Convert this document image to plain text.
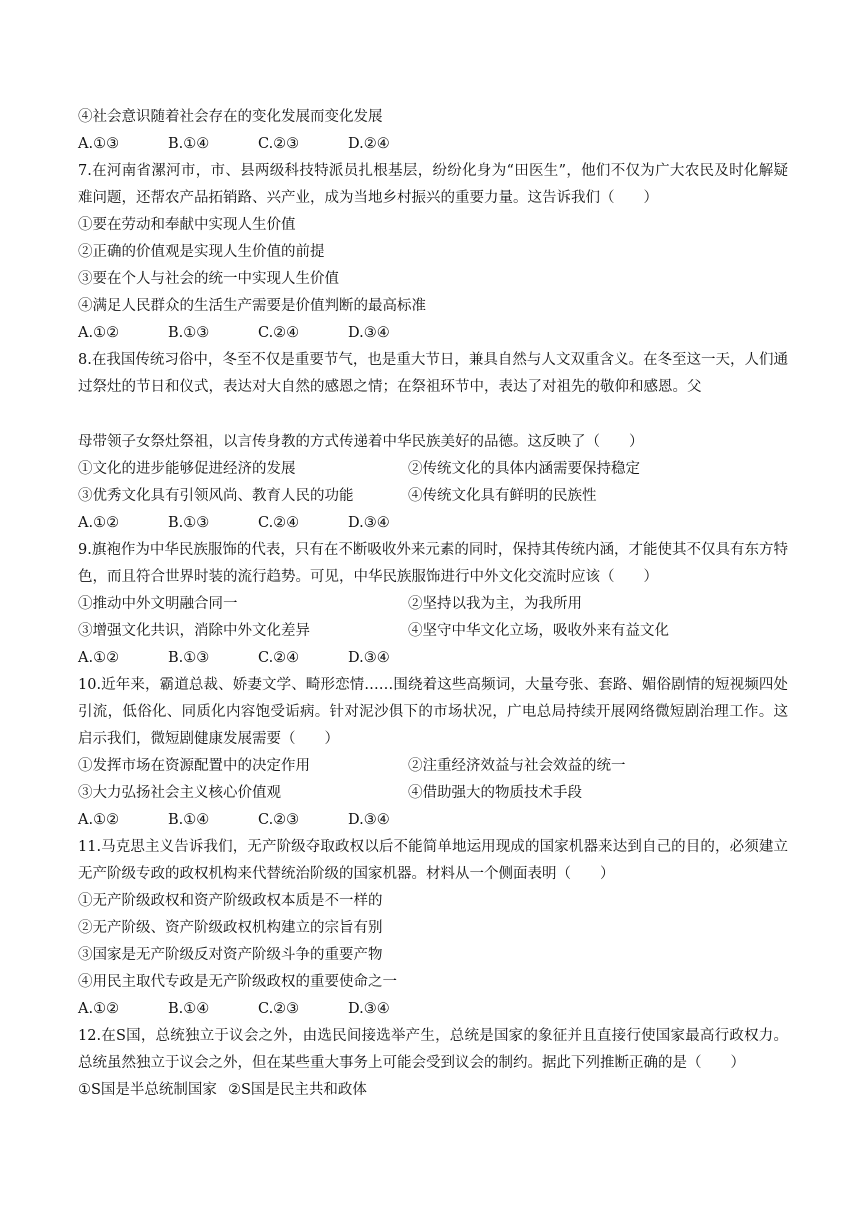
④社会意识随着社会存在的变化发展而变化发展
A.①③	B.①④	C.②③	D.②④
7.在河南省漯河市，市、县两级科技特派员扎根基层，纷纷化身为“田医生”，他们不仅为广大农民及时化解疑难问题，还帮农产品拓销路、兴产业，成为当地乡村振兴的重要力量。这告诉我们（　　）
①要在劳动和奉献中实现人生价值
②正确的价值观是实现人生价值的前提
③要在个人与社会的统一中实现人生价值
④满足人民群众的生活生产需要是价值判断的最高标准
A.①②	B.①③	C.②④	D.③④
8.在我国传统习俗中，冬至不仅是重要节气，也是重大节日，兼具自然与人文双重含义。在冬至这一天，人们通过祭灶的节日和仪式，表达对大自然的感恩之情；在祭祖环节中，表达了对祖先的敬仰和感恩。父
母带领子女祭灶祭祖，以言传身教的方式传递着中华民族美好的品德。这反映了（　　）
①文化的进步能够促进经济的发展	②传统文化的具体内涵需要保持稳定
③优秀文化具有引领风尚、教育人民的功能	④传统文化具有鲜明的民族性
A.①②	B.①③	C.②④	D.③④
9.旗袍作为中华民族服饰的代表，只有在不断吸收外来元素的同时，保持其传统内涵，才能使其不仅具有东方特色，而且符合世界时装的流行趋势。可见，中华民族服饰进行中外文化交流时应该（　　）
①推动中外文明融合同一	②坚持以我为主，为我所用
③增强文化共识，消除中外文化差异	④坚守中华文化立场，吸收外来有益文化
A.①②	B.①③	C.②④	D.③④
10.近年来，霸道总裁、娇妻文学、畸形恋情……围绕着这些高频词，大量夸张、套路、媚俗剧情的短视频四处引流，低俗化、同质化内容饱受诟病。针对泥沙俱下的市场状况，广电总局持续开展网络微短剧治理工作。这启示我们，微短剧健康发展需要（　　）
①发挥市场在资源配置中的决定作用	②注重经济效益与社会效益的统一
③大力弘扬社会主义核心价值观	④借助强大的物质技术手段
A.①②	B.①④	C.②③	D.③④
11.马克思主义告诉我们，无产阶级夺取政权以后不能简单地运用现成的国家机器来达到自己的目的，必须建立无产阶级专政的政权机构来代替统治阶级的国家机器。材料从一个侧面表明（　　）
①无产阶级政权和资产阶级政权本质是不一样的
②无产阶级、资产阶级政权机构建立的宗旨有别
③国家是无产阶级反对资产阶级斗争的重要产物
④用民主取代专政是无产阶级政权的重要使命之一
A.①②	B.①④	C.②③	D.③④
12.在S国，总统独立于议会之外，由选民间接选举产生，总统是国家的象征并且直接行使国家最高行政权力。总统虽然独立于议会之外，但在某些重大事务上可能会受到议会的制约。据此下列推断正确的是（　　）
①S国是半总统制国家 ②S国是民主共和政体
